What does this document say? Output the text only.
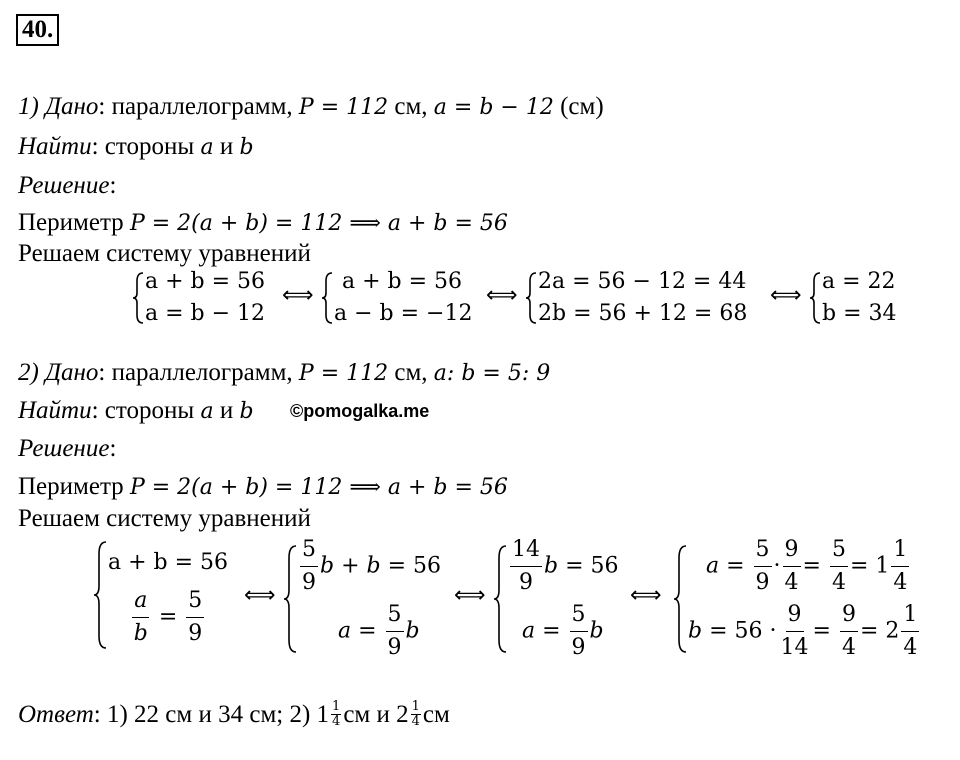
40.
1) Дано: параллелограмм, P = 112 см, a = b − 12 (см)
Найти: стороны a и b
Решение:
Периметр P = 2(a + b) = 112 ⟹ a + b = 56
Решаем систему уравнений
a + b = 56
a = b − 12
⟺
a + b = 56
a − b = −12
⟺
2a = 56 − 12 = 44
2b = 56 + 12 = 68
⟺
a = 22
b = 34
2) Дано: параллелограмм, P = 112 см, a: b = 5: 9
Найти: стороны a и b ©pomogalka.me
Решение:
Периметр P = 2(a + b) = 112 ⟹ a + b = 56
Решаем систему уравнений
a + b = 56
$\frac{a}{b} = \frac{5}{9}$ ⟺ $\frac{5}{9}$ b + b = 56
$a = \frac{5}{9}$ b
⟺ $\frac{14}{9}$ b = 56
$a = \frac{5}{9}$ b
⟺
$a = \frac{5}{9} \cdot \frac{9}{4} = \frac{5}{4} = 1 \frac{1}{4}$
$b = 56 \cdot \frac{9}{14} = \frac{9}{4} = 2 \frac{1}{4}$
Ответ : 1) 22 см и 34 см; 2) 1 1
4 см и 2 1
4 см
